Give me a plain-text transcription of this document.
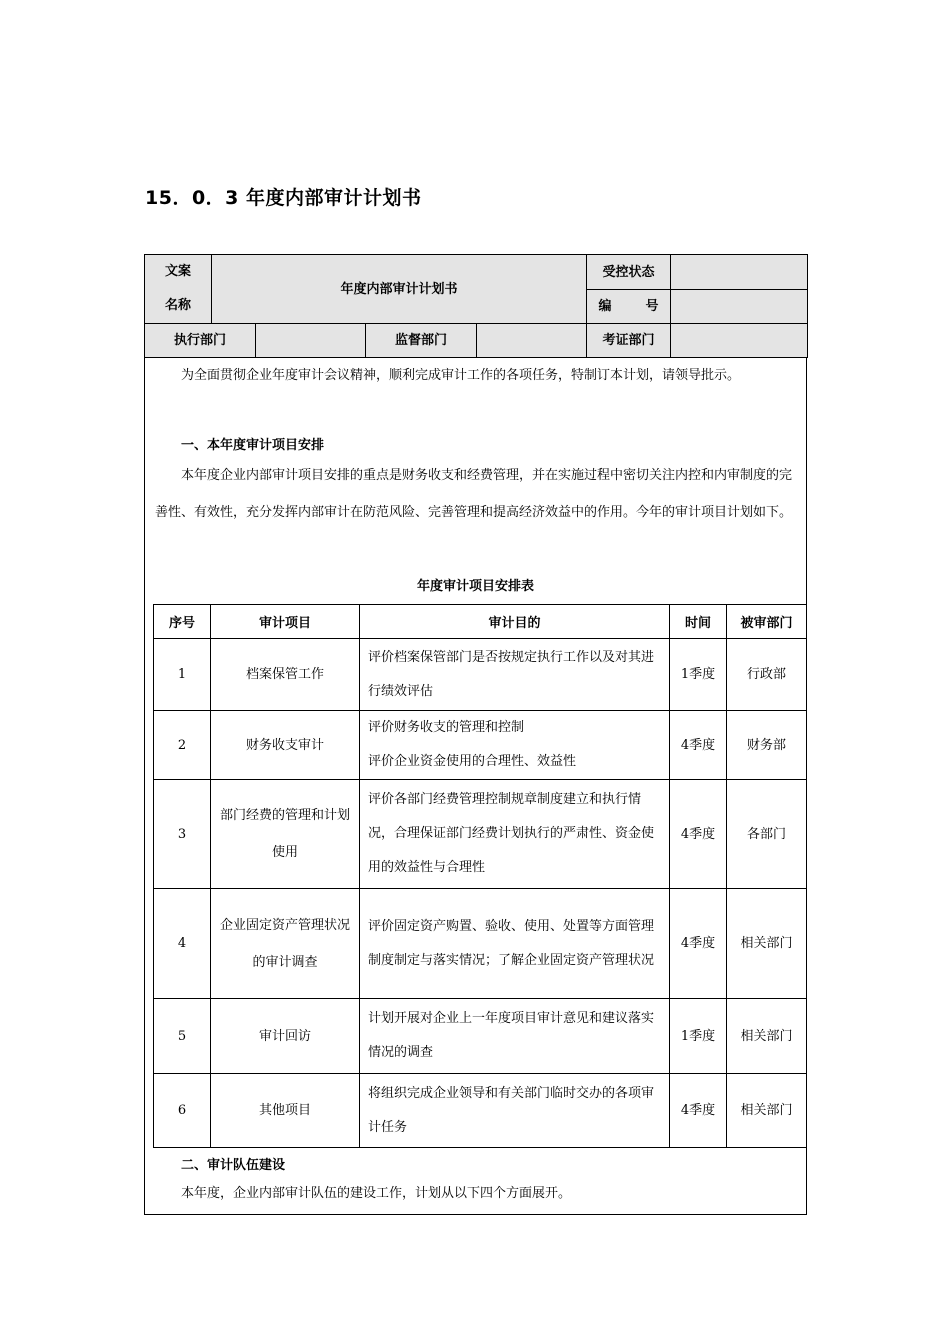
15．0．3 年度内部审计计划书
文案
名称	年度内部审计计划书				受控状态	
					编　　号	
执行部门			监督部门		考证部门	

为全面贯彻企业年度审计会议精神，顺利完成审计工作的各项任务，特制订本计划，请领导批示。

一、本年度审计项目安排

本年度企业内部审计项目安排的重点是财务收支和经费管理，并在实施过程中密切关注内控和内审制度的完善性、有效性，充分发挥内部审计在防范风险、完善管理和提高经济效益中的作用。今年的审计项目计划如下。

年度审计项目安排表

序号	审计项目	审计目的	时间	被审部门
1	档案保管工作	评价档案保管部门是否按规定执行工作以及对其进行绩效评估	1季度	行政部
2	财务收支审计	评价财务收支的管理和控制
评价企业资金使用的合理性、效益性	4季度	财务部
3	部门经费的管理和计划使用	评价各部门经费管理控制规章制度建立和执行情况，合理保证部门经费计划执行的严肃性、资金使用的效益性与合理性	4季度	各部门
4	企业固定资产管理状况的审计调查	评价固定资产购置、验收、使用、处置等方面管理制度制定与落实情况；了解企业固定资产管理状况	4季度	相关部门
5	审计回访	计划开展对企业上一年度项目审计意见和建议落实情况的调查	1季度	相关部门
6	其他项目	将组织完成企业领导和有关部门临时交办的各项审计任务	4季度	相关部门

二、审计队伍建设

本年度，企业内部审计队伍的建设工作，计划从以下四个方面展开。
